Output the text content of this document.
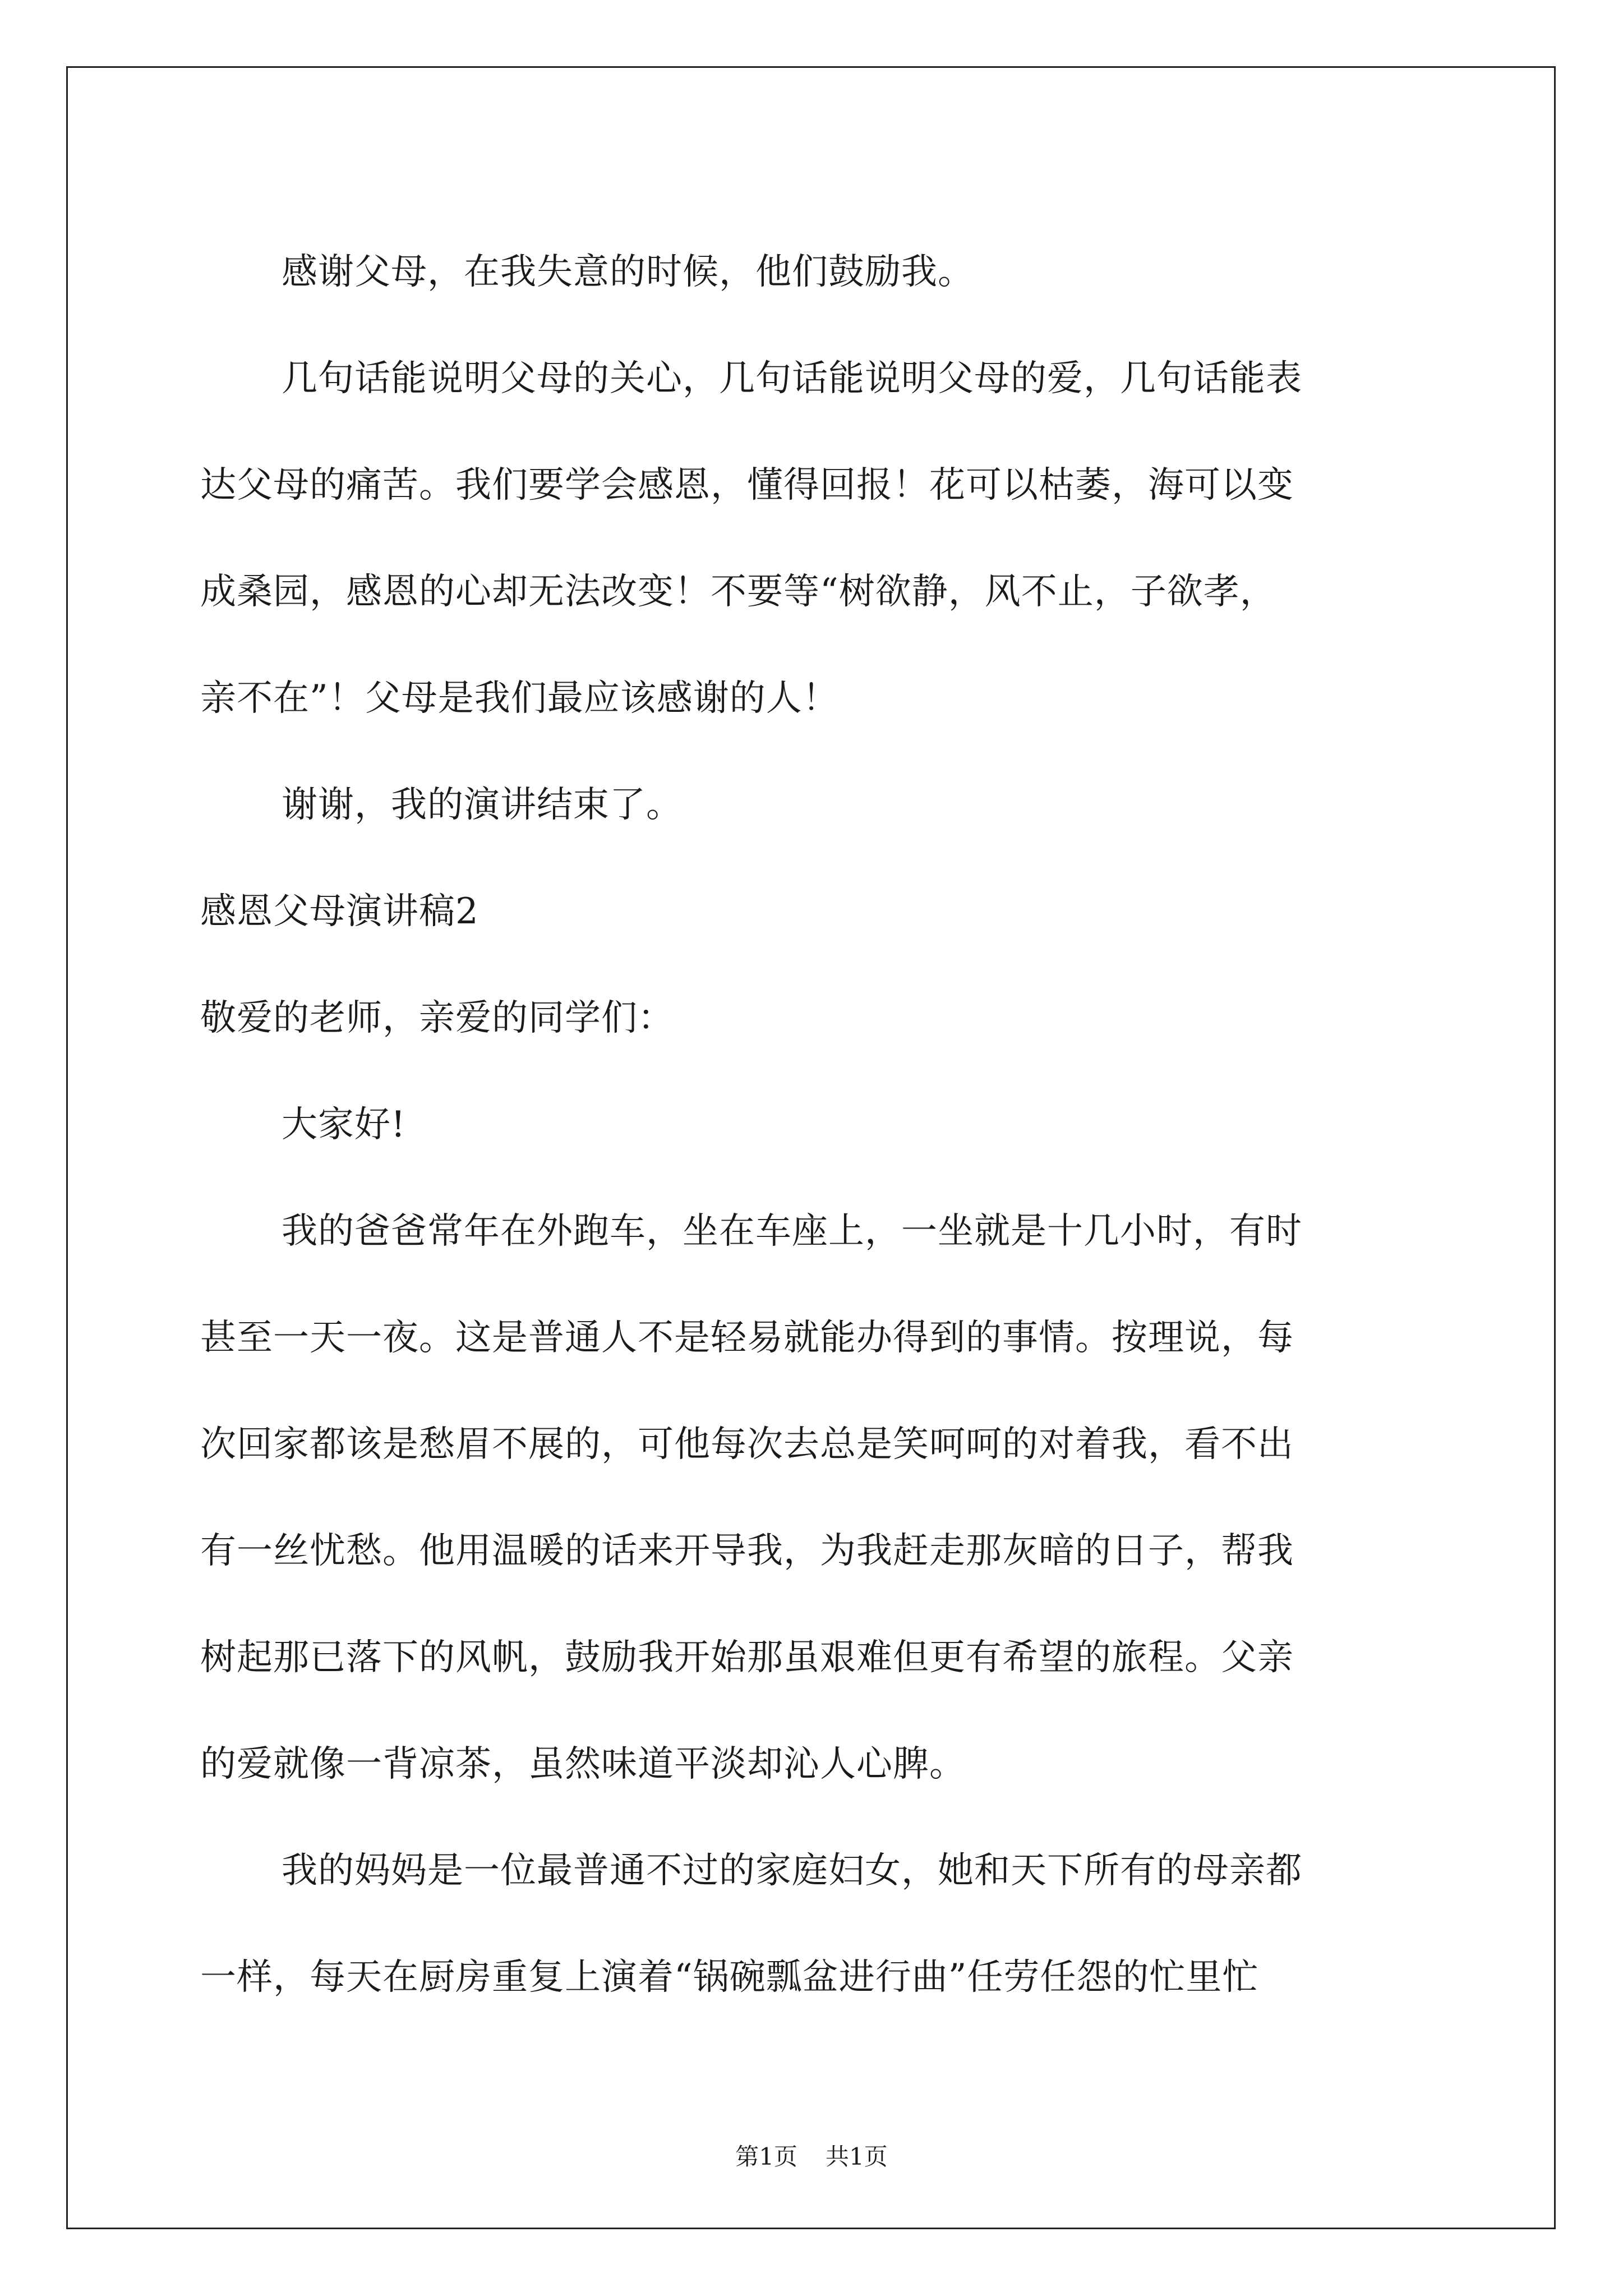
感谢父母，在我失意的时候，他们鼓励我。
几句话能说明父母的关心，几句话能说明父母的爱，几句话能表
达父母的痛苦。我们要学会感恩，懂得回报！花可以枯萎，海可以变
成桑园，感恩的心却无法改变！不要等“树欲静，风不止，子欲孝，
亲不在”！父母是我们最应该感谢的人！
谢谢，我的演讲结束了。
感恩父母演讲稿2
敬爱的老师，亲爱的同学们：
大家好!
我的爸爸常年在外跑车，坐在车座上，一坐就是十几小时，有时
甚至一天一夜。这是普通人不是轻易就能办得到的事情。按理说，每
次回家都该是愁眉不展的，可他每次去总是笑呵呵的对着我，看不出
有一丝忧愁。他用温暖的话来开导我，为我赶走那灰暗的日子，帮我
树起那已落下的风帆，鼓励我开始那虽艰难但更有希望的旅程。父亲
的爱就像一背凉茶，虽然味道平淡却沁人心脾。
我的妈妈是一位最普通不过的家庭妇女，她和天下所有的母亲都
一样，每天在厨房重复上演着“锅碗瓢盆进行曲”任劳任怨的忙里忙
第1页 共1页
